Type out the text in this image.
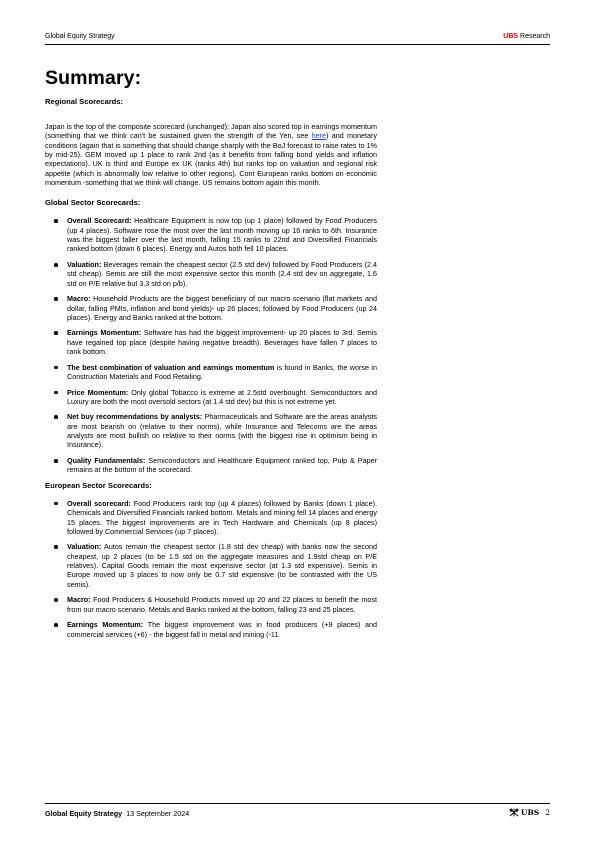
Global Equity Strategy	UBS Research
Summary:
Regional Scorecards:

Japan is the top of the composite scorecard (unchanged); Japan also scored top in earnings momentum (something that we think can't be sustained given the strength of the Yen, see here) and monetary conditions (again that is something that should change sharply with the BoJ forecast to raise rates to 1% by mid-25). GEM moved up 1 place to rank 2nd (as it benefits from falling bond yields and inflation expectations). UK is third and Europe ex UK (ranks 4th) but ranks top on valuation and regional risk appetite (which is abnormally low relative to other regions). Cont European ranks bottom on economic momentum -something that we think will change. US remains bottom again this month.

Global Sector Scorecards:
Overall Scorecard: Healthcare Equipment is now top (up 1 place) followed by Food Producers (up 4 places). Software rose the most over the last month moving up 16 ranks to 6th. Insurance was the biggest faller over the last month, falling 15 ranks to 22nd and Diversified Financials ranked bottom (down 6 places). Energy and Autos both fell 10 places.
Valuation: Beverages remain the cheapest sector (2.5 std dev) followed by Food Producers (2.4 std cheap). Semis are still the most expensive sector this month (2.4 std dev on aggregate, 1.6 std on P/E relative but 3.3 std on p/b).
Macro: Household Products are the biggest beneficiary of our macro scenario (flat markets and dollar, falling PMIs, inflation and bond yields)- up 26 places; followed by Food Producers (up 24 places). Energy and Banks ranked at the bottom.
Earnings Momentum: Software has had the biggest improvement- up 20 places to 3rd. Semis have regained top place (despite having negative breadth). Beverages have fallen 7 places to rank bottom.
The best combination of valuation and earnings momentum is found in Banks, the worse in Construction Materials and Food Retailing.
Price Momentum: Only global Tobacco is extreme at 2.5std overbought. Semiconductors and Luxury are both the most oversold sectors (at 1.4 std dev) but this is not extreme yet.
Net buy recommendations by analysts: Pharmaceuticals and Software are the areas analysts are most bearish on (relative to their norms), while Insurance and Telecoms are the areas analysts are most bullish on relative to their norms (with the biggest rise in optimism being in Insurance).
Quality Fundamentals: Semiconductors and Healthcare Equipment ranked top, Pulp & Paper remains at the bottom of the scorecard.
European Sector Scorecards:
Overall scorecard: Food Producers rank top (up 4 places) followed by Banks (down 1 place). Chemicals and Diversified Financials ranked bottom. Metals and mining fell 14 places and energy 15 places. The biggest improvements are in Tech Hardware and Chemicals (up 8 places) followed by Commercial Services (up 7 places).
Valuation: Autos remain the cheapest sector (1.8 std dev cheap) with banks now the second cheapest, up 2 places (to be 1.5 std on the aggregate measures and 1.9std cheap on P/E relatives). Capital Goods remain the most expensive sector (at 1.3 std expensive). Semis in Europe moved up 3 places to now only be 0.7 std expensive (to be contrasted with the US semis).
Macro: Food Producers & Household Products moved up 20 and 22 places to benefit the most from our macro scenario. Metals and Banks ranked at the bottom, falling 23 and 25 places.
Earnings Momentum: The biggest improvement was in food producers (+9 places) and commercial services (+6) - the biggest fall in metal and mining (-11
Global Equity Strategy 13 September 2024	UBS 2
